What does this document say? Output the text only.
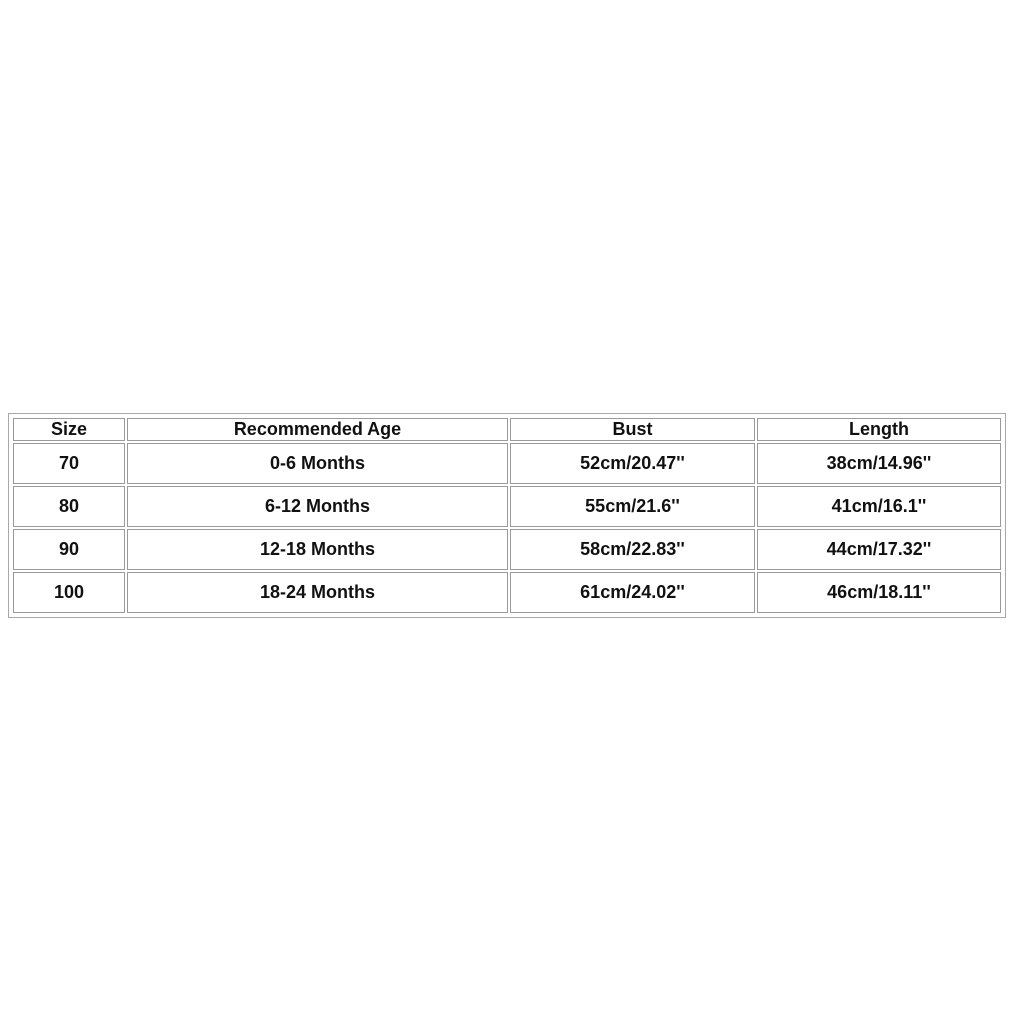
Size	Recommended Age	Bust	Length
70	0-6 Months	52cm/20.47''	38cm/14.96''
80	6-12 Months	55cm/21.6''	41cm/16.1''
90	12-18 Months	58cm/22.83''	44cm/17.32''
100	18-24 Months	61cm/24.02''	46cm/18.11''
